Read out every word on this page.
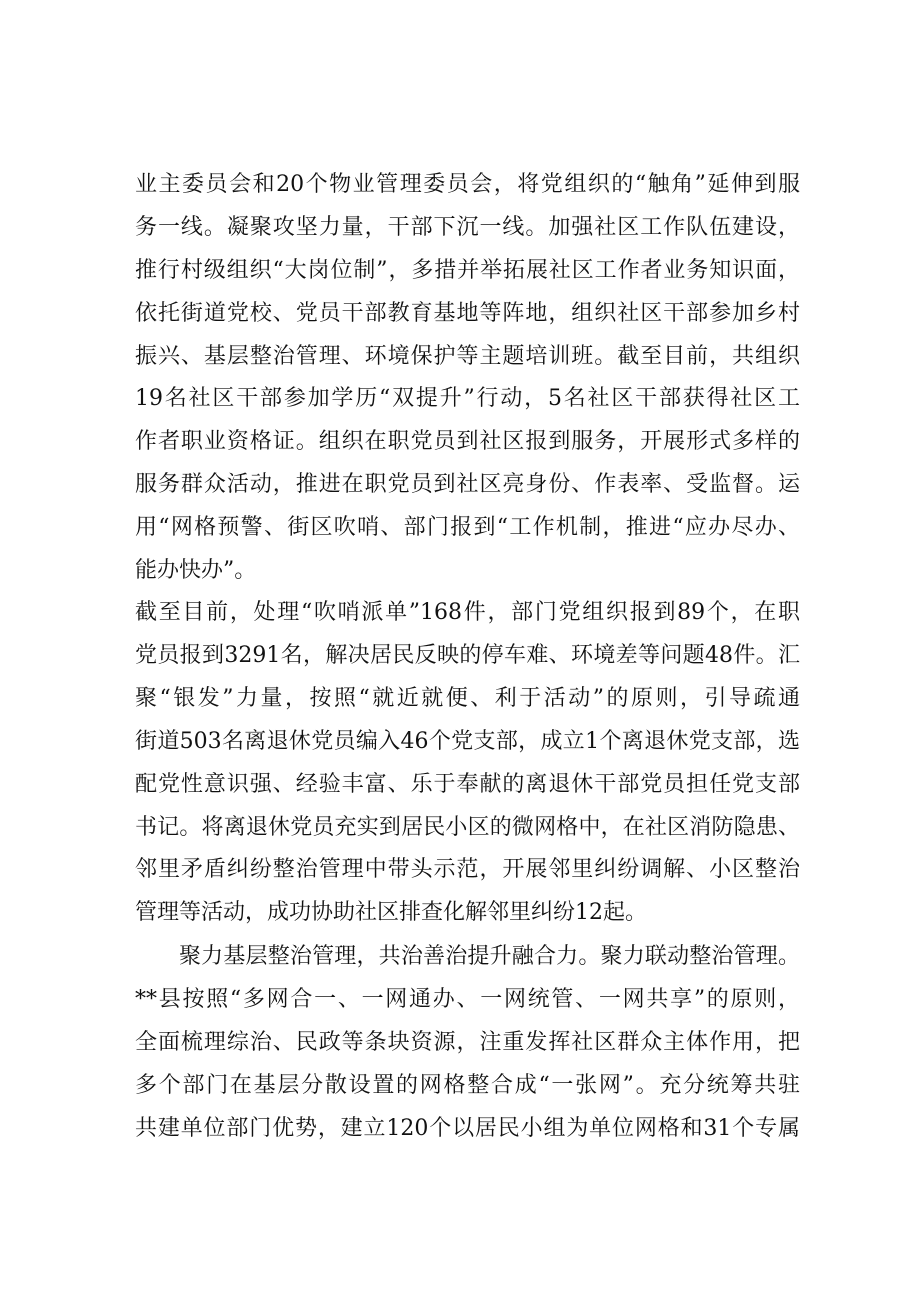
业主委员会和20个物业管理委员会，将党组织的“触角”延伸到服
务一线。凝聚攻坚力量，干部下沉一线。加强社区工作队伍建设，
推行村级组织“大岗位制”，多措并举拓展社区工作者业务知识面，
依托街道党校、党员干部教育基地等阵地，组织社区干部参加乡村
振兴、基层整治管理、环境保护等主题培训班。截至目前，共组织
19名社区干部参加学历“双提升”行动，5名社区干部获得社区工
作者职业资格证。组织在职党员到社区报到服务，开展形式多样的
服务群众活动，推进在职党员到社区亮身份、作表率、受监督。运
用“网格预警、街区吹哨、部门报到“工作机制，推进“应办尽办、
能办快办”。
截至目前，处理“吹哨派单”168件，部门党组织报到89个，在职
党员报到3291名，解决居民反映的停车难、环境差等问题48件。汇
聚“银发”力量，按照“就近就便、利于活动”的原则，引导疏通
街道503名离退休党员编入46个党支部，成立1个离退休党支部，选
配党性意识强、经验丰富、乐于奉献的离退休干部党员担任党支部
书记。将离退休党员充实到居民小区的微网格中，在社区消防隐患、
邻里矛盾纠纷整治管理中带头示范，开展邻里纠纷调解、小区整治
管理等活动，成功协助社区排查化解邻里纠纷12起。
聚力基层整治管理，共治善治提升融合力。聚力联动整治管理。
**县按照“多网合一、一网通办、一网统管、一网共享”的原则，
全面梳理综治、民政等条块资源，注重发挥社区群众主体作用，把
多个部门在基层分散设置的网格整合成“一张网”。充分统筹共驻
共建单位部门优势，建立120个以居民小组为单位网格和31个专属
